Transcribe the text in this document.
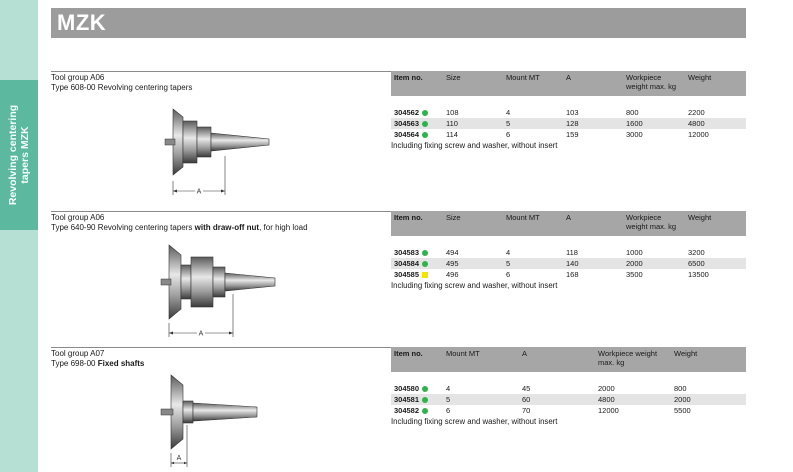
Revolving centering tapers MZK
MZK
Tool group A06
Type 608-00 Revolving centering tapers
A
Item no.	Size	Mount MT	A	Workpiece weight max. kg	Weight

304562	108	4	103	800	2200
304563	110	5	128	1600	4800
304564	114	6	159	3000	12000
Including fixing screw and washer, without insert
Tool group A06
Type 640-90 Revolving centering tapers with draw-off nut, for high load
A
Item no.	Size	Mount MT	A	Workpiece weight max. kg	Weight

304583	494	4	118	1000	3200
304584	495	5	140	2000	6500
304585	496	6	168	3500	13500
Including fixing screw and washer, without insert
Tool group A07
Type 698-00 Fixed shafts
A
Item no.	Mount MT	A	Workpiece weight max. kg	Weight

304580	4	45	2000	800
304581	5	60	4800	2000
304582	6	70	12000	5500
Including fixing screw and washer, without insert
